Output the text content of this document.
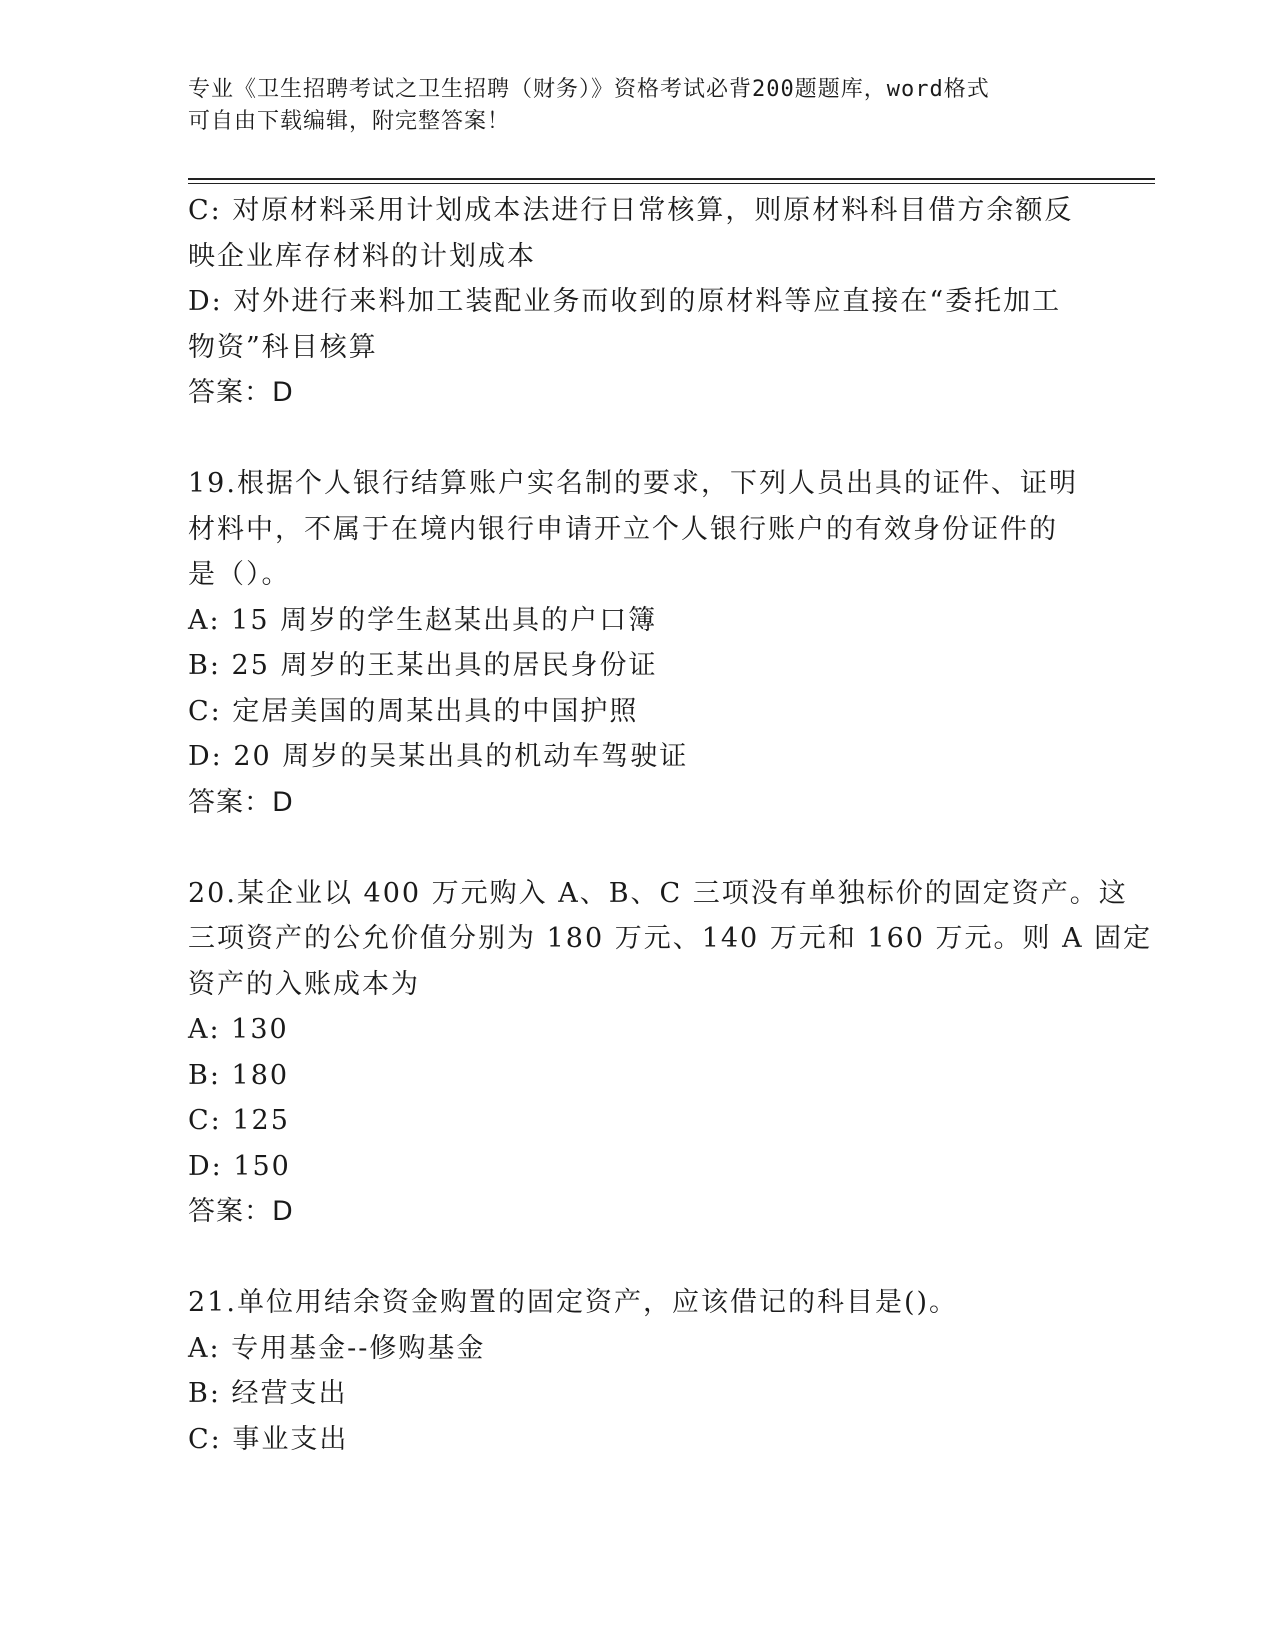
专业《卫生招聘考试之卫生招聘（财务）》资格考试必背200题题库，word格式
可自由下载编辑，附完整答案！
C: 对原材料采用计划成本法进行日常核算，则原材料科目借方余额反
映企业库存材料的计划成本
D: 对外进行来料加工装配业务而收到的原材料等应直接在“委托加工
物资”科目核算
答案：D
19.根据个人银行结算账户实名制的要求，下列人员出具的证件、证明
材料中，不属于在境内银行申请开立个人银行账户的有效身份证件的
是（）。
A: 15 周岁的学生赵某出具的户口簿
B: 25 周岁的王某出具的居民身份证
C: 定居美国的周某出具的中国护照
D: 20 周岁的吴某出具的机动车驾驶证
答案：D
20.某企业以 400 万元购入 A、B、C 三项没有单独标价的固定资产。这
三项资产的公允价值分别为 180 万元、140 万元和 160 万元。则 A 固定
资产的入账成本为
A: 130
B: 180
C: 125
D: 150
答案：D
21.单位用结余资金购置的固定资产，应该借记的科目是()。
A: 专用基金--修购基金
B: 经营支出
C: 事业支出
